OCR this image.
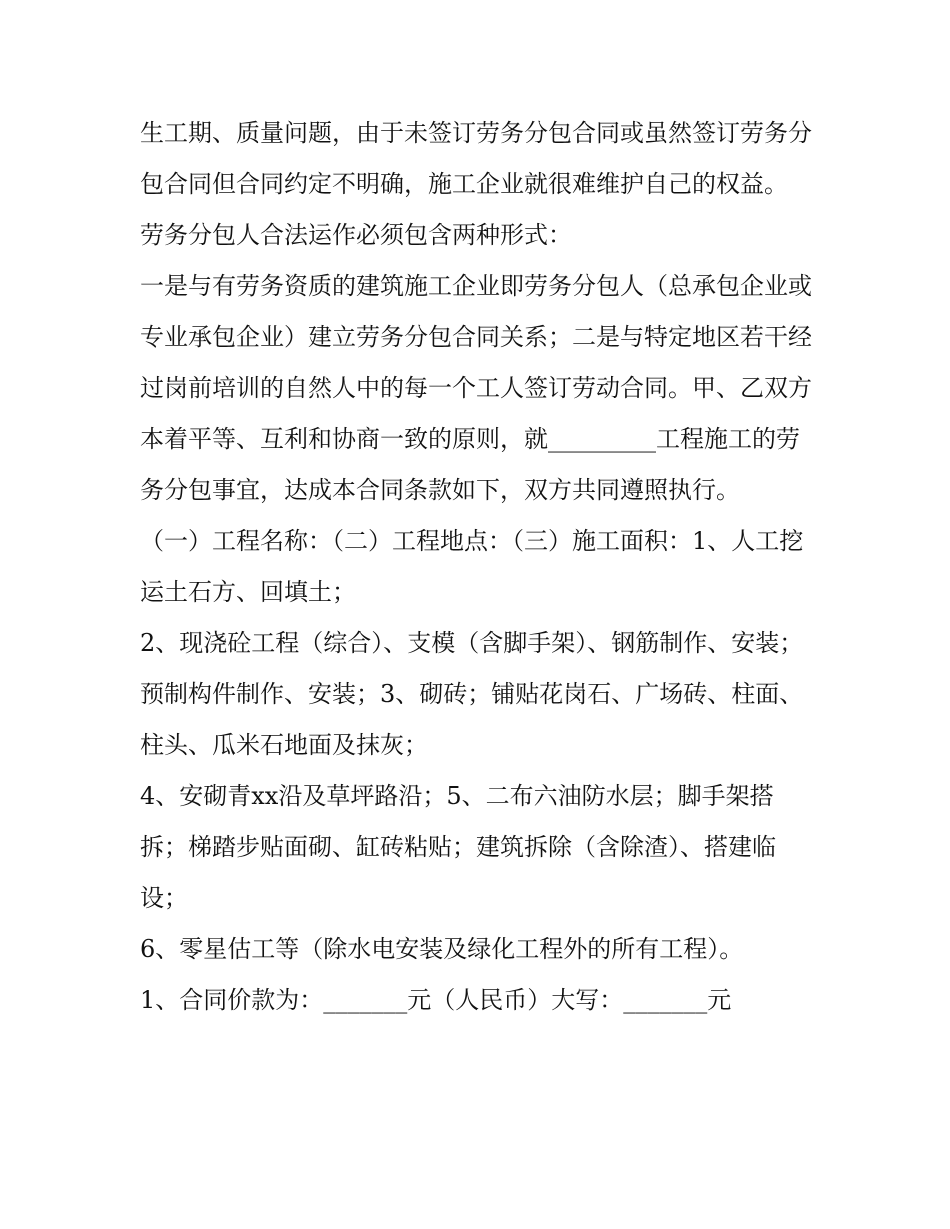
生工期、质量问题，由于未签订劳务分包合同或虽然签订劳务分包合同但合同约定不明确，施工企业就很难维护自己的权益。

劳务分包人合法运作必须包含两种形式：

一是与有劳务资质的建筑施工企业即劳务分包人（总承包企业或专业承包企业）建立劳务分包合同关系；二是与特定地区若干经过岗前培训的自然人中的每一个工人签订劳动合同。甲、乙双方本着平等、互利和协商一致的原则，就_________工程施工的劳务分包事宜，达成本合同条款如下，双方共同遵照执行。

（一）工程名称：（二）工程地点：（三）施工面积：1、人工挖运土石方、回填土；

2、现浇砼工程（综合）、支模（含脚手架）、钢筋制作、安装；预制构件制作、安装；3、砌砖；铺贴花岗石、广场砖、柱面、柱头、瓜米石地面及抹灰；

4、安砌青xx沿及草坪路沿；5、二布六油防水层；脚手架搭拆；梯踏步贴面砌、缸砖粘贴；建筑拆除（含除渣）、搭建临设；

6、零星估工等（除水电安装及绿化工程外的所有工程）。

1、合同价款为：_______元（人民币）大写：_______元
